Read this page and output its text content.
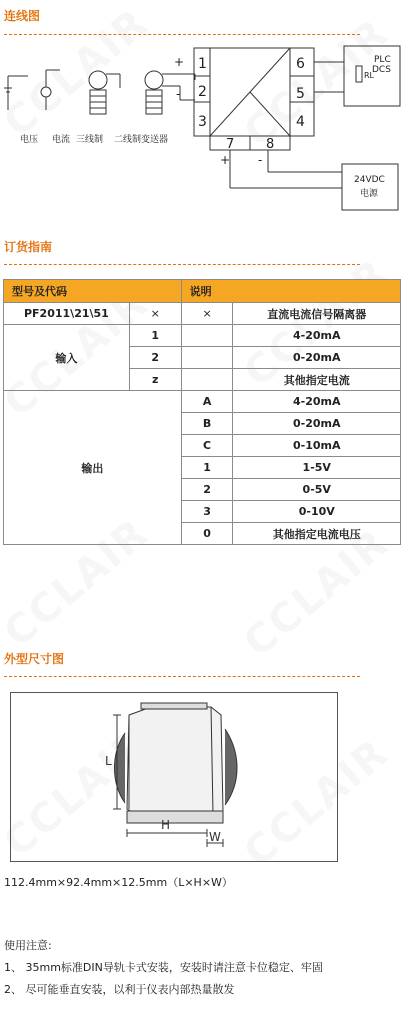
连线图
1
2
3	4
5
6
7 8
+
-
+ -
电压 电流 三线制 二线制变送器
PLC
DCS
RL
24VDC
电源
订货指南
型号及代码		说明	
PF2011\21\51	×	×	直流电流信号隔离器
输入	1		4-20mA
	2		0-20mA
	z		其他指定电流
输出		A	4-20mA
		B	0-20mA
		C	0-10mA
		1	1-5V
		2	0-5V
		3	0-10V
		0	其他指定电流电压
外型尺寸图
L
H
W
112.4mm×92.4mm×12.5mm（L×H×W）
使用注意:
1、 35mm标准DIN导轨卡式安装，安装时请注意卡位稳定、牢固
2、 尽可能垂直安装，以利于仪表内部热量散发
